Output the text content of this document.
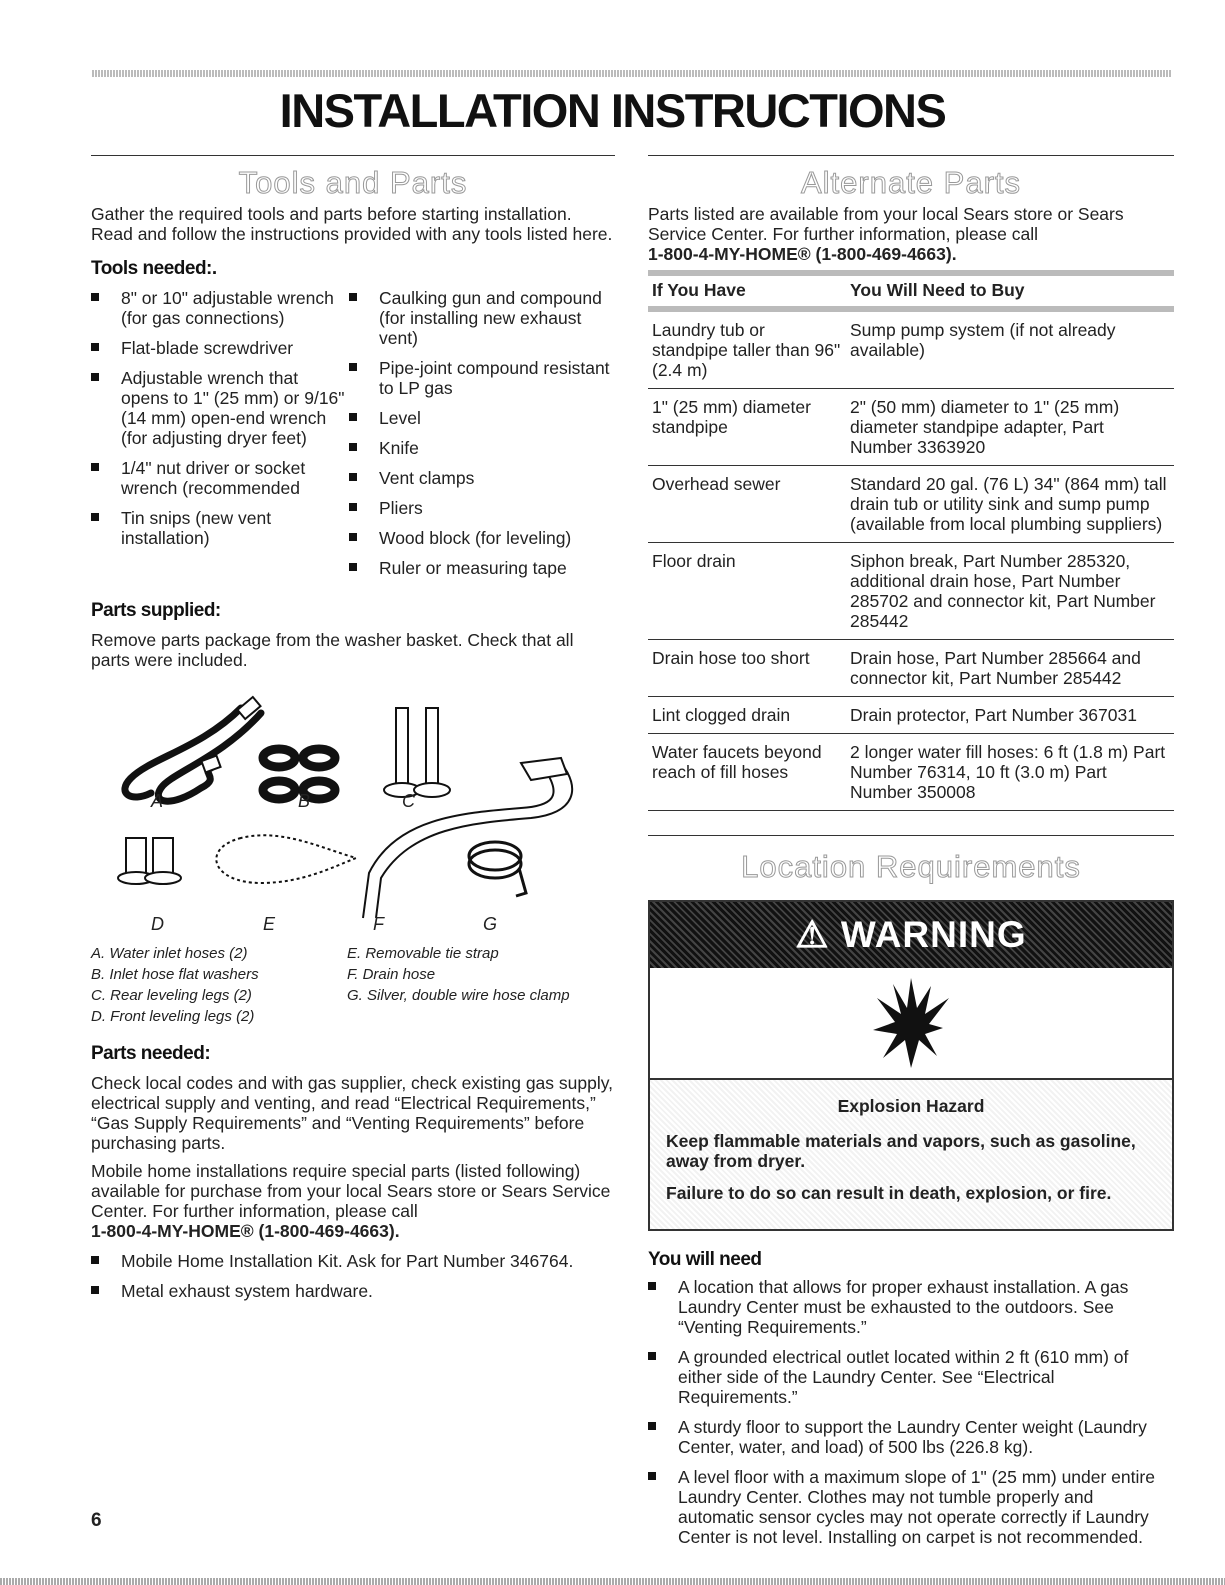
INSTALLATION INSTRUCTIONS
Tools and Parts

Gather the required tools and parts before starting installation. Read and follow the instructions provided with any tools listed here.

Tools needed:.
8" or 10" adjustable wrench (for gas connections)
Flat-blade screwdriver
Adjustable wrench that opens to 1" (25 mm) or 9/16" (14 mm) open-end wrench (for adjusting dryer feet)
1/4" nut driver or socket wrench (recommended
Tin snips (new vent installation)
Caulking gun and compound (for installing new exhaust vent)
Pipe-joint compound resistant to LP gas
Level
Knife
Vent clamps
Pliers
Wood block (for leveling)
Ruler or measuring tape
Parts supplied:

Remove parts package from the washer basket. Check that all parts were included.

A	B	C
D	E	F	G
A. Water inlet hoses (2)
B. Inlet hose flat washers
C. Rear leveling legs (2)
D. Front leveling legs (2)
E. Removable tie strap
F. Drain hose
G. Silver, double wire hose clamp
Parts needed:

Check local codes and with gas supplier, check existing gas supply, electrical supply and venting, and read “Electrical Requirements,” “Gas Supply Requirements” and “Venting Requirements” before purchasing parts.

Mobile home installations require special parts (listed following) available for purchase from your local Sears store or Sears Service Center. For further information, please call
1-800-4-MY-HOME® (1-800-469-4663).

Mobile Home Installation Kit. Ask for Part Number 346764.
Metal exhaust system hardware.
Alternate Parts

Parts listed are available from your local Sears store or Sears Service Center. For further information, please call
1-800-4-MY-HOME® (1-800-469-4663).

If You Have	You Will Need to Buy
Laundry tub or standpipe taller than 96" (2.4 m)	Sump pump system (if not already available)
1" (25 mm) diameter standpipe	2" (50 mm) diameter to 1" (25 mm) diameter standpipe adapter, Part Number 3363920
Overhead sewer	Standard 20 gal. (76 L) 34" (864 mm) tall drain tub or utility sink and sump pump (available from local plumbing suppliers)
Floor drain	Siphon break, Part Number 285320, additional drain hose, Part Number 285702 and connector kit, Part Number 285442
Drain hose too short	Drain hose, Part Number 285664 and connector kit, Part Number 285442
Lint clogged drain	Drain protector, Part Number 367031
Water faucets beyond reach of fill hoses	2 longer water fill hoses: 6 ft (1.8 m) Part Number 76314, 10 ft (3.0 m) Part Number 350008
Location Requirements
⚠ WARNING
Explosion Hazard

Keep flammable materials and vapors, such as gasoline, away from dryer.

Failure to do so can result in death, explosion, or fire.

You will need
A location that allows for proper exhaust installation. A gas Laundry Center must be exhausted to the outdoors. See “Venting Requirements.”
A grounded electrical outlet located within 2 ft (610 mm) of either side of the Laundry Center. See “Electrical Requirements.”
A sturdy floor to support the Laundry Center weight (Laundry Center, water, and load) of 500 lbs (226.8 kg).
A level floor with a maximum slope of 1" (25 mm) under entire Laundry Center. Clothes may not tumble properly and automatic sensor cycles may not operate correctly if Laundry Center is not level. Installing on carpet is not recommended.
6
